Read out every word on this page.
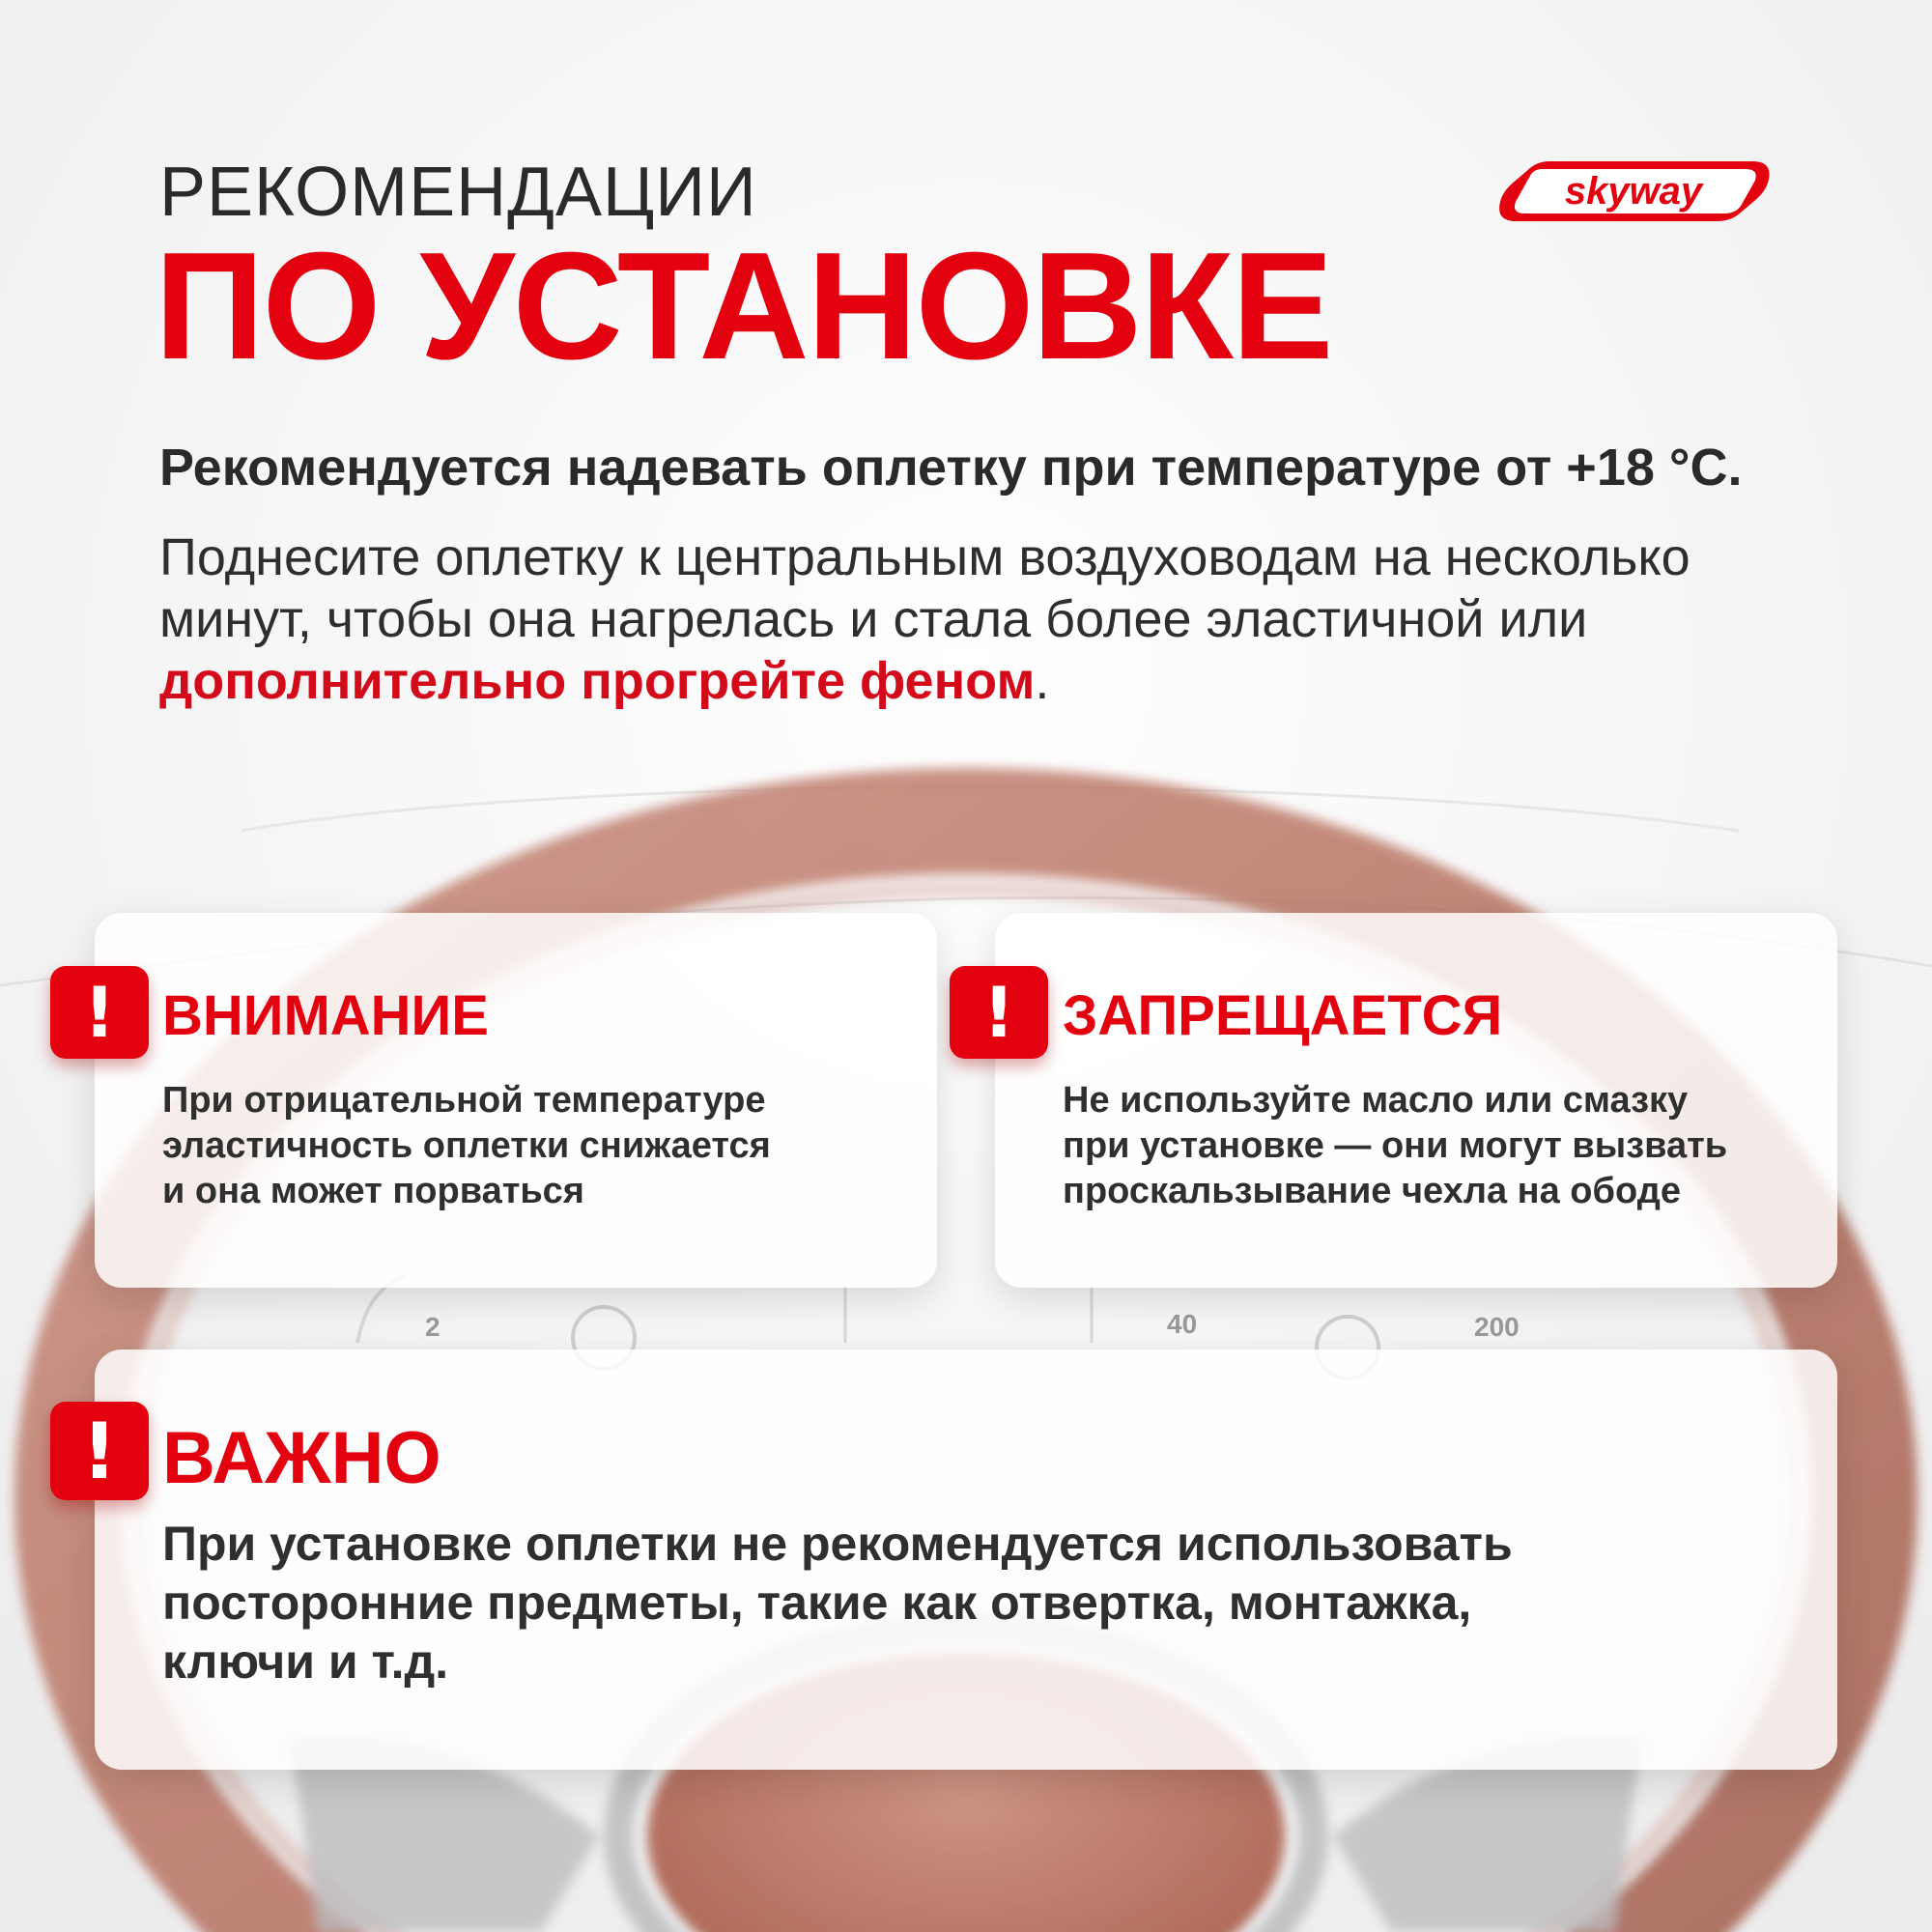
2	40	200
РЕКОМЕНДАЦИИ
ПО УСТАНОВКЕ
skyway
Рекомендуется надевать оплетку при температуре от +18 °С.
Поднесите оплетку к центральным воздуховодам на несколько минут, чтобы она нагрелась и стала более эластичной или дополнительно прогрейте феном.
! ВНИМАНИЕ
При отрицательной температуре
эластичность оплетки снижается
и она может порваться
! ЗАПРЕЩАЕТСЯ
Не используйте масло или смазку
при установке — они могут вызвать
проскальзывание чехла на ободе
! ВАЖНО
При установке оплетки не рекомендуется использовать
посторонние предметы, такие как отвертка, монтажка,
ключи и т.д.
